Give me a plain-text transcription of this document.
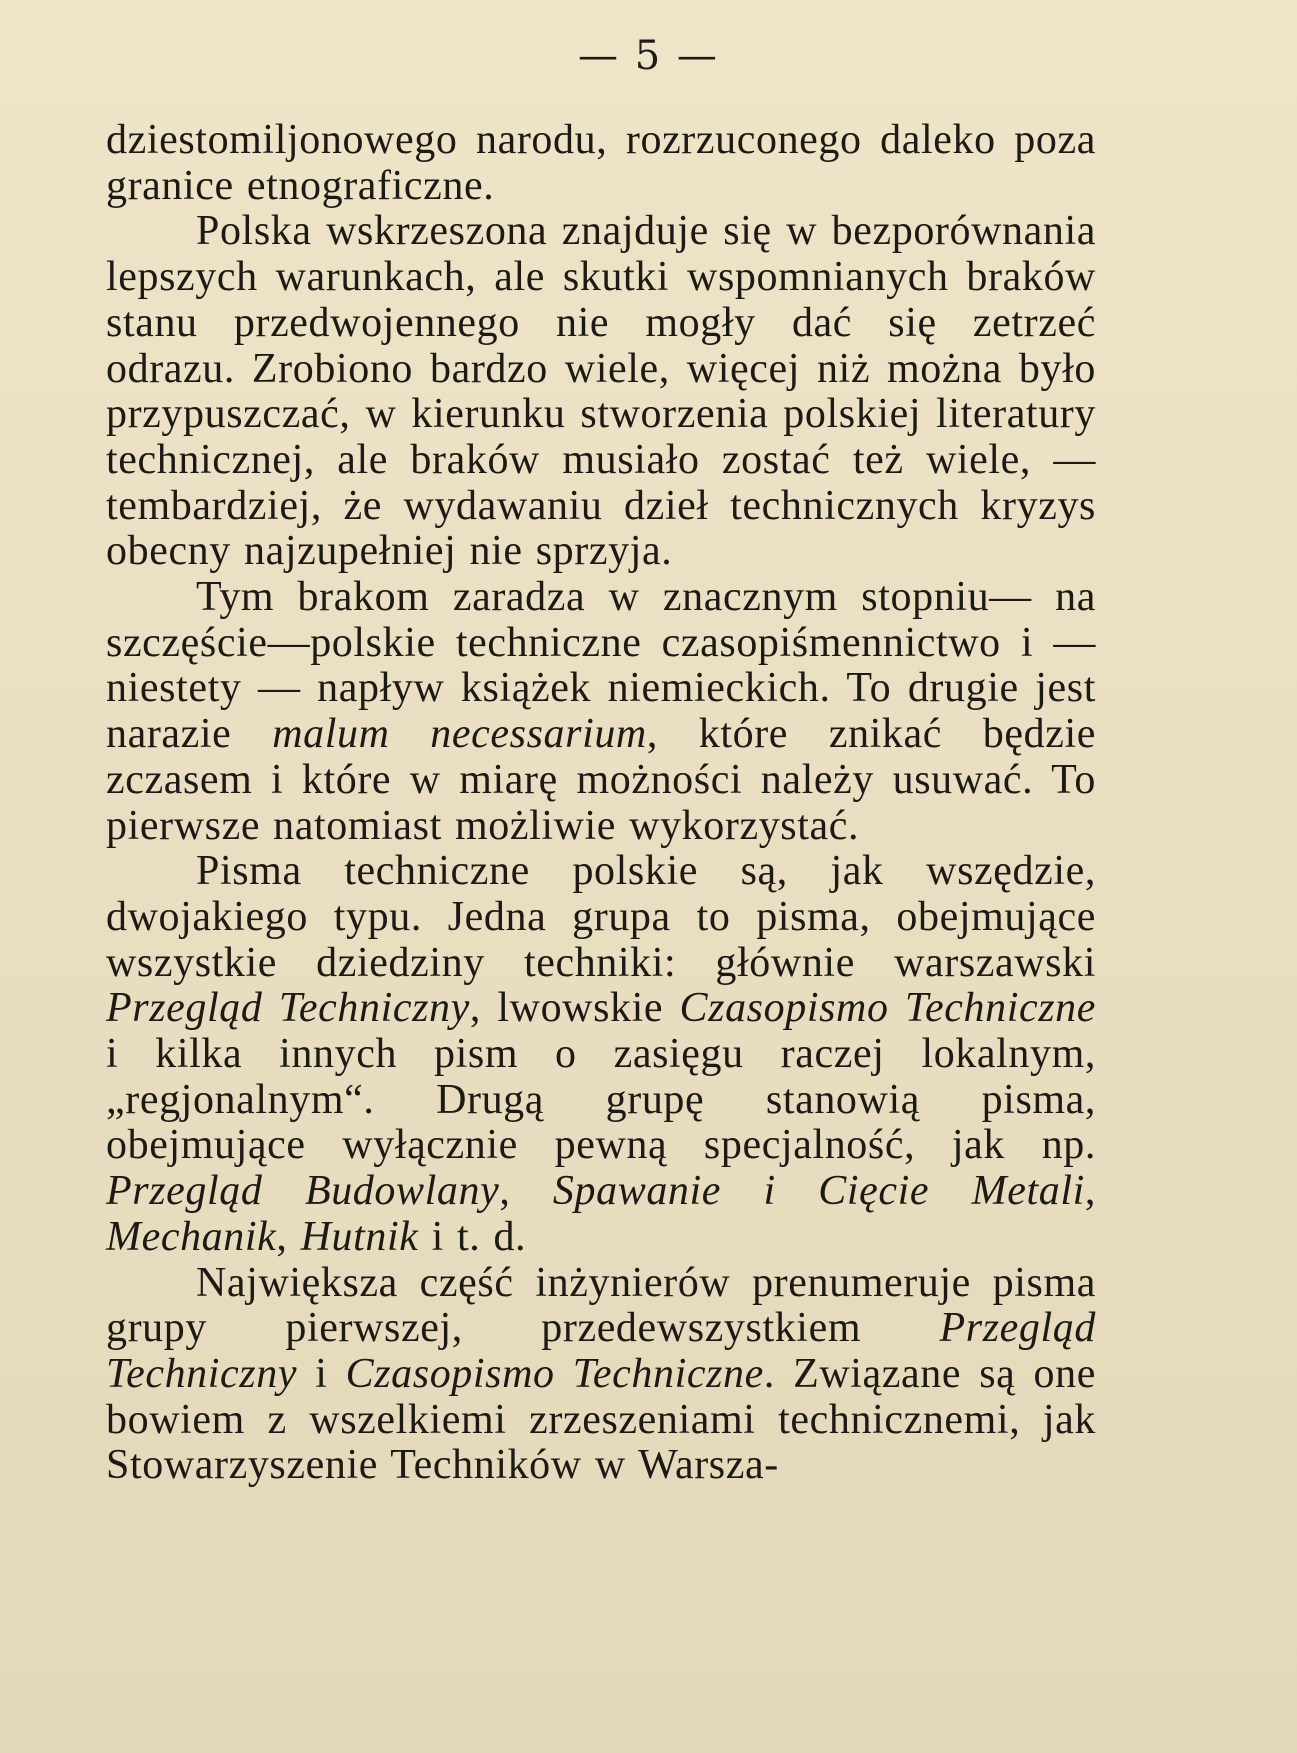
— 5 —

dziestomiljonowego narodu, rozrzuconego daleko poza granice etnograficzne.

Polska wskrzeszona znajduje się w bezporównania lepszych warunkach, ale skutki wspomnianych braków stanu przedwojennego nie mogły dać się zetrzeć odrazu. Zrobiono bardzo wiele, więcej niż można było przypuszczać, w kierunku stworzenia polskiej literatury technicznej, ale braków musiało zostać też wiele, — tembardziej, że wydawaniu dzieł technicznych kryzys obecny najzupełniej nie sprzyja.

Tym brakom zaradza w znacznym stopniu— na szczęście—polskie techniczne czasopiśmennictwo i — niestety — napływ książek niemieckich. To drugie jest narazie malum necessarium, które znikać będzie zczasem i które w miarę możności należy usuwać. To pierwsze natomiast możliwie wykorzystać.

Pisma techniczne polskie są, jak wszędzie, dwojakiego typu. Jedna grupa to pisma, obejmujące wszystkie dziedziny techniki: głównie warszawski Przegląd Techniczny, lwowskie Czasopismo Techniczne i kilka innych pism o zasięgu raczej lokalnym, „regjonalnym“. Drugą grupę stanowią pisma, obejmujące wyłącznie pewną specjalność, jak np. Przegląd Budowlany, Spawanie i Cięcie Metali, Mechanik, Hutnik i t. d.

Największa część inżynierów prenumeruje pisma grupy pierwszej, przedewszystkiem Przegląd Techniczny i Czasopismo Techniczne. Związane są one bowiem z wszelkiemi zrzeszeniami technicznemi, jak Stowarzyszenie Techników w Warsza-
